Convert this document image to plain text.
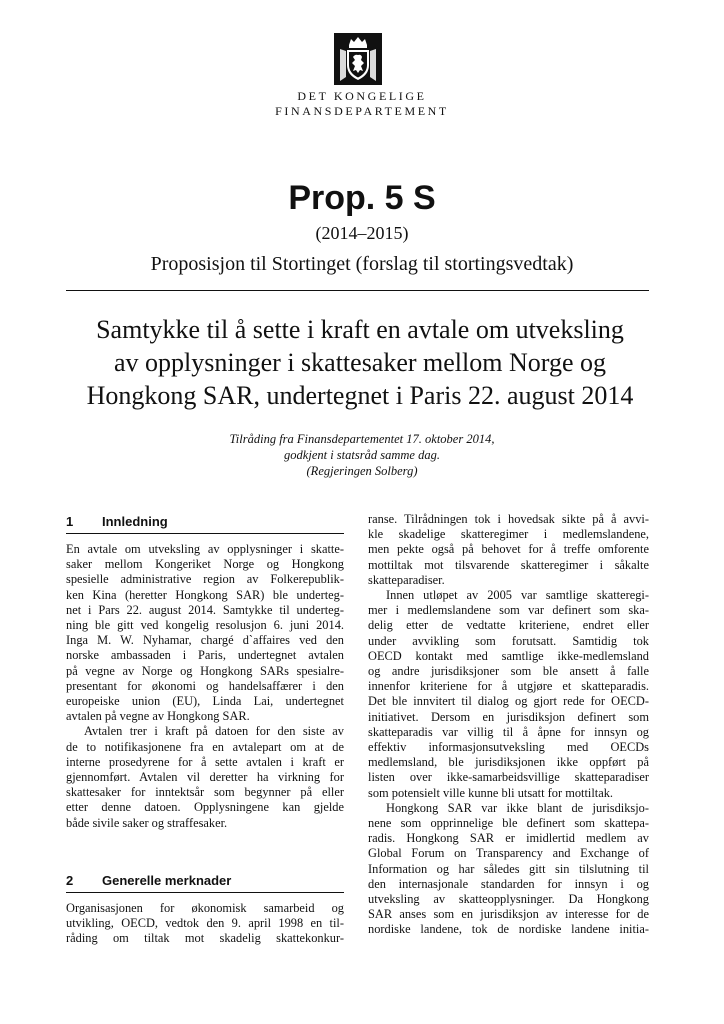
DET KONGELIGE
FINANSDEPARTEMENT
Prop. 5 S
(2014–2015)
Proposisjon til Stortinget (forslag til stortingsvedtak)
Samtykke til å sette i kraft en avtale om utveksling
av opplysninger i skattesaker mellom Norge og
Hongkong SAR, undertegnet i Paris 22. august 2014
Tilråding fra Finansdepartementet 17. oktober 2014,
godkjent i statsråd samme dag.
(Regjeringen Solberg)
1 Innledning
En avtale om utveksling av opplysninger i skatte-
saker mellom Kongeriket Norge og Hongkong
spesielle administrative region av Folkerepublik-
ken Kina (heretter Hongkong SAR) ble underteg-
net i Pars 22. august 2014. Samtykke til underteg-
ning ble gitt ved kongelig resolusjon 6. juni 2014.
Inga M. W. Nyhamar, chargé d`affaires ved den
norske ambassaden i Paris, undertegnet avtalen
på vegne av Norge og Hongkong SARs spesialre-
presentant for økonomi og handelsaffærer i den
europeiske union (EU), Linda Lai, undertegnet
avtalen på vegne av Hongkong SAR.
Avtalen trer i kraft på datoen for den siste av
de to notifikasjonene fra en avtalepart om at de
interne prosedyrene for å sette avtalen i kraft er
gjennomført. Avtalen vil deretter ha virkning for
skattesaker for inntektsår som begynner på eller
etter denne datoen. Opplysningene kan gjelde
både sivile saker og straffesaker.
2 Generelle merknader
Organisasjonen for økonomisk samarbeid og
utvikling, OECD, vedtok den 9. april 1998 en til-
råding om tiltak mot skadelig skattekonkur-
ranse. Tilrådningen tok i hovedsak sikte på å avvi-
kle skadelige skatteregimer i medlemslandene,
men pekte også på behovet for å treffe omforente
mottiltak mot tilsvarende skatteregimer i såkalte
skatteparadiser.
Innen utløpet av 2005 var samtlige skatteregi-
mer i medlemslandene som var definert som ska-
delig etter de vedtatte kriteriene, endret eller
under avvikling som forutsatt. Samtidig tok
OECD kontakt med samtlige ikke-medlemsland
og andre jurisdiksjoner som ble ansett å falle
innenfor kriteriene for å utgjøre et skatteparadis.
Det ble innvitert til dialog og gjort rede for OECD-
initiativet. Dersom en jurisdiksjon definert som
skatteparadis var villig til å åpne for innsyn og
effektiv informasjonsutveksling med OECDs
medlemsland, ble jurisdiksjonen ikke oppført på
listen over ikke-samarbeidsvillige skatteparadiser
som potensielt ville kunne bli utsatt for mottiltak.
Hongkong SAR var ikke blant de jurisdiksjo-
nene som opprinnelige ble definert som skattepa-
radis. Hongkong SAR er imidlertid medlem av
Global Forum on Transparency and Exchange of
Information og har således gitt sin tilslutning til
den internasjonale standarden for innsyn i og
utveksling av skatteopplysninger. Da Hongkong
SAR anses som en jurisdiksjon av interesse for de
nordiske landene, tok de nordiske landene initia-
